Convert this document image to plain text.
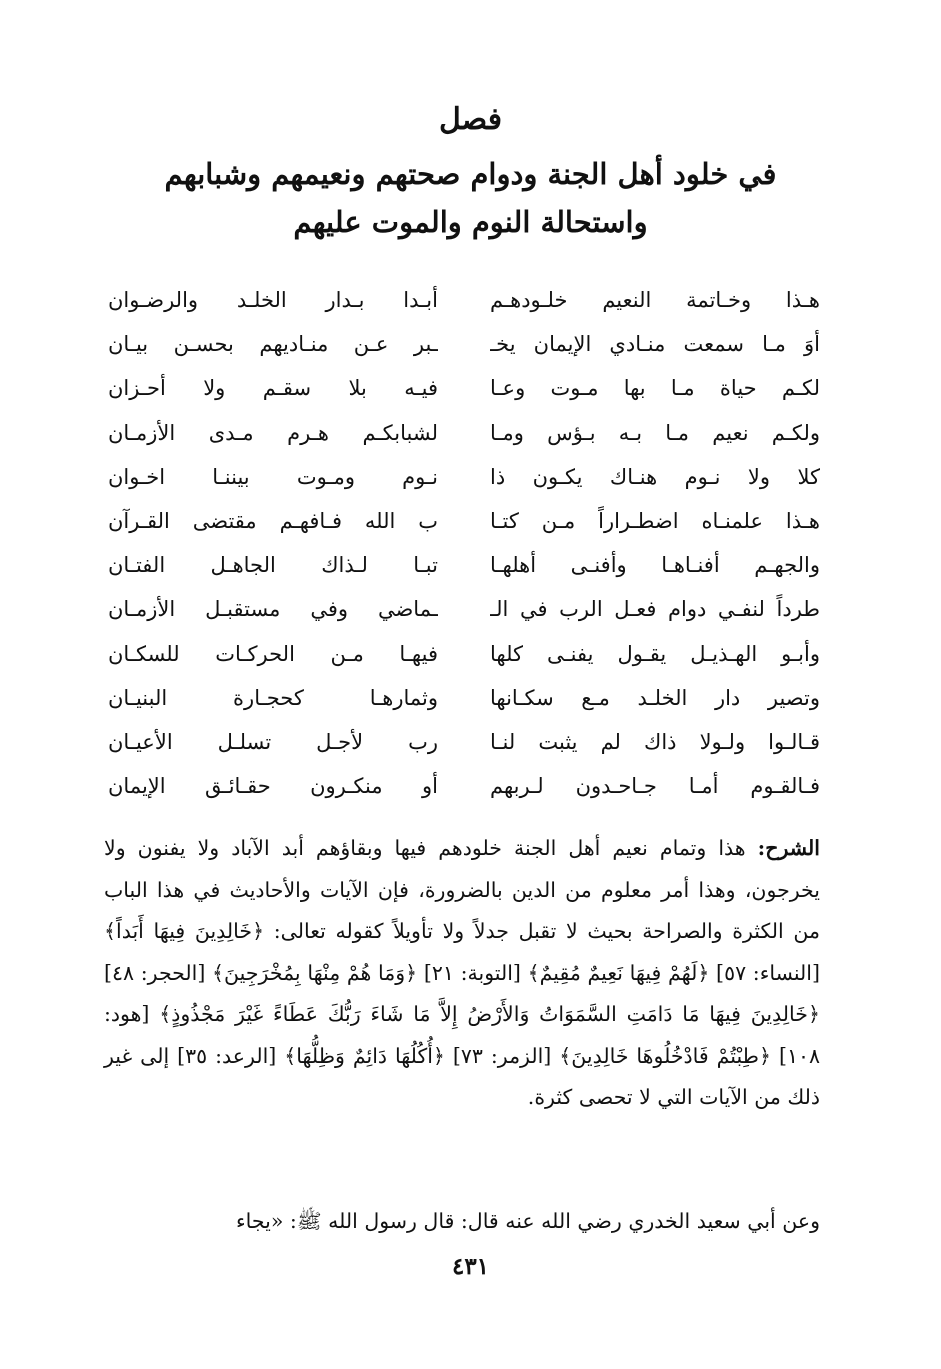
فصل
في خلود أهل الجنة ودوام صحتهم ونعيمهم وشبابهم
واستحالة النوم والموت عليهم
هـذا وخـاتمة النعيم خلـودهـم
أبـدا بـدار الخلـد والرضـوان
أوَ مـا سمعت منـادي الإيمان يخـ
ـبر عـن منـاديهم بحسـن بيـان
لكـم حياة مـا بها مـوت وعـا
فيـه بلا سقـم ولا أحـزان
ولكـم نعيم مـا بـه بـؤس ومـا
لشبابكـم هـرم مـدى الأزمـان
كلا ولا نـوم هنـاك يكـون ذا
نـوم ومـوت بيننـا اخـوان
هـذا علمنـاه اضطـراراً مـن كتـا
ب الله فـافهـم مقتضى القـرآن
والجهـم أفنـاهـا وأفنـى أهلهـا
تبـا لـذاك الجاهـل الفتـان
طرداً لنفـي دوام فعـل الرب في الـ
ـماضي وفي مستقبـل الأزمـان
وأبـو الهـذيـل يقـول يفنـى كلها
فيهـا مـن الحركـات للسكـان
وتصير دار الخلـد مـع سكـانها
وثمارهـا كحجـارة البنيـان
قـالـوا ولـولا ذاك لم يثبت لنـا
رب لأجـل تسلـل الأعيـان
فـالقـوم أمـا جـاحـدون لـربهم
أو منكـرون حقـائـق الإيمان
الشرح: هذا وتمام نعيم أهل الجنة خلودهم فيها وبقاؤهم أبد الآباد ولا يفنون ولا يخرجون، وهذا أمر معلوم من الدين بالضرورة، فإن الآيات والأحاديث في هذا الباب من الكثرة والصراحة بحيث لا تقبل جدلاً ولا تأويلاً كقوله تعالى: ﴿خَالِدِينَ فِيهَا أَبَداً﴾ [النساء: ٥٧] ﴿لَهُمْ فِيهَا نَعِيمٌ مُقِيمٌ﴾ [التوبة: ٢١] ﴿وَمَا هُمْ مِنْهَا بِمُخْرَجِينَ﴾ [الحجر: ٤٨] ﴿خَالِدِينَ فِيهَا مَا دَامَتِ السَّمَوَاتُ وَالأَرْضُ إِلاَّ مَا شَاءَ رَبُّكَ عَطَاءً غَيْرَ مَجْذُوذٍ﴾ [هود: ١٠٨] ﴿طِبْتُمْ فَادْخُلُوهَا خَالِدِينَ﴾ [الزمر: ٧٣] ﴿أُكُلُهَا دَائِمٌ وَظِلُّهَا﴾ [الرعد: ٣٥] إلى غير ذلك من الآيات التي لا تحصى كثرة.
وعن أبي سعيد الخدري رضي الله عنه قال: قال رسول الله ﷺ: «يجاء
٤٣١
